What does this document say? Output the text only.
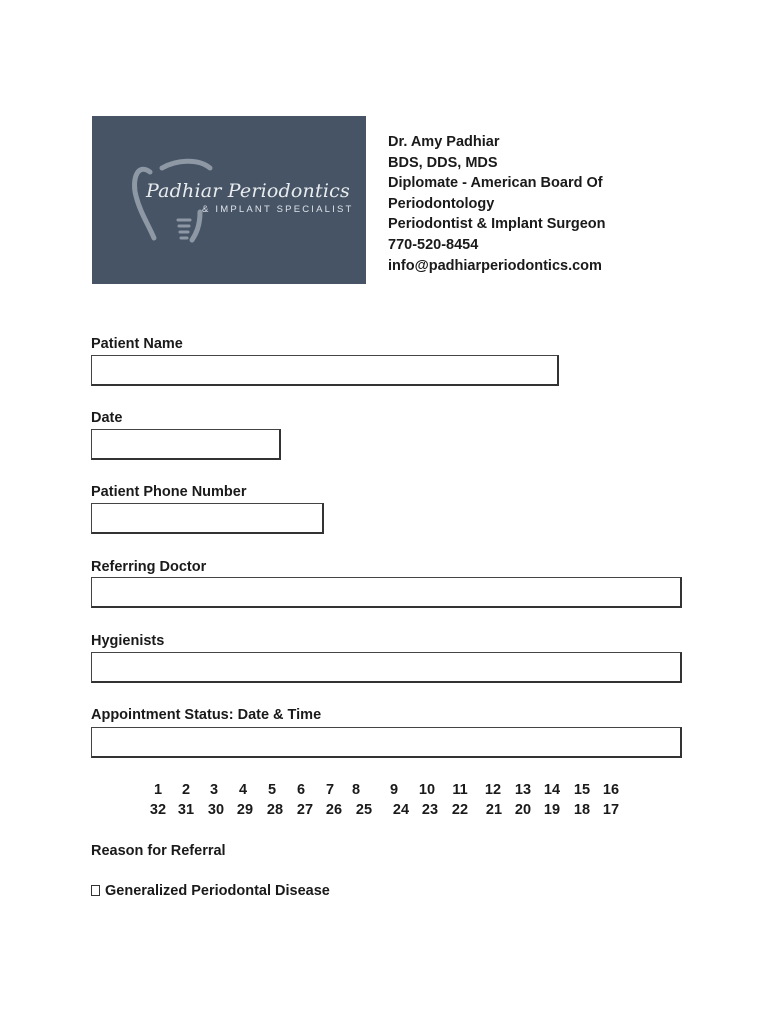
Padhiar Periodontics
& IMPLANT SPECIALIST
Dr. Amy Padhiar
BDS, DDS, MDS
Diplomate - American Board Of
Periodontology
Periodontist & Implant Surgeon
770-520-8454
info@padhiarperiodontics.com
Patient Name
Date
Patient Phone Number
Referring Doctor
Hygienists
Appointment Status: Date & Time
1	2	3	4	5	6	7	8	9	10 11 12 13 14 15 16
32 31 30 29 28 27 26 25 24 23 22 21 20 19 18 17
Reason for Referral
Generalized Periodontal Disease
